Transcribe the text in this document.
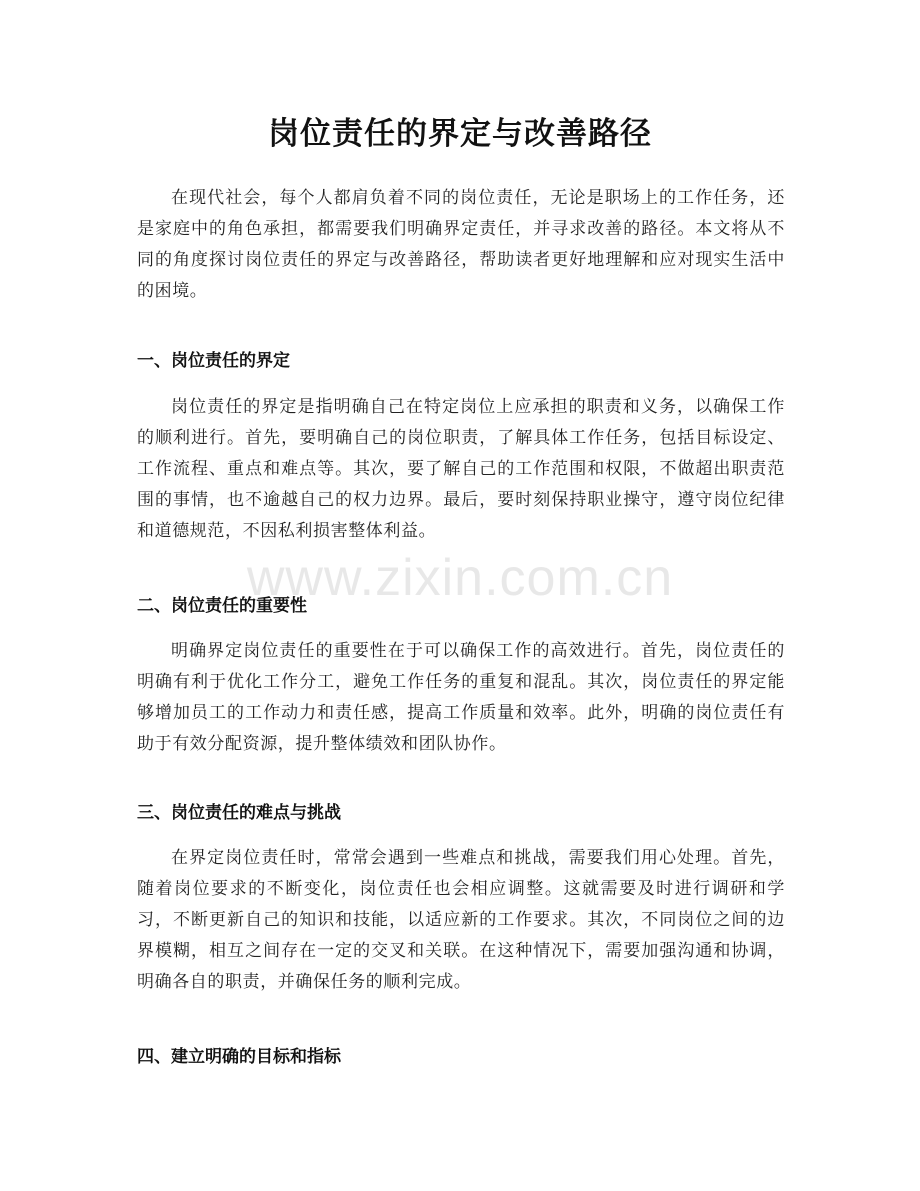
岗位责任的界定与改善路径

在现代社会，每个人都肩负着不同的岗位责任，无论是职场上的工作任务，还是家庭中的角色承担，都需要我们明确界定责任，并寻求改善的路径。本文将从不同的角度探讨岗位责任的界定与改善路径，帮助读者更好地理解和应对现实生活中的困境。

一、岗位责任的界定

岗位责任的界定是指明确自己在特定岗位上应承担的职责和义务，以确保工作的顺利进行。首先，要明确自己的岗位职责，了解具体工作任务，包括目标设定、工作流程、重点和难点等。其次，要了解自己的工作范围和权限，不做超出职责范围的事情，也不逾越自己的权力边界。最后，要时刻保持职业操守，遵守岗位纪律和道德规范，不因私利损害整体利益。

二、岗位责任的重要性

明确界定岗位责任的重要性在于可以确保工作的高效进行。首先，岗位责任的明确有利于优化工作分工，避免工作任务的重复和混乱。其次，岗位责任的界定能够增加员工的工作动力和责任感，提高工作质量和效率。此外，明确的岗位责任有助于有效分配资源，提升整体绩效和团队协作。

三、岗位责任的难点与挑战

在界定岗位责任时，常常会遇到一些难点和挑战，需要我们用心处理。首先，随着岗位要求的不断变化，岗位责任也会相应调整。这就需要及时进行调研和学习，不断更新自己的知识和技能，以适应新的工作要求。其次，不同岗位之间的边界模糊，相互之间存在一定的交叉和关联。在这种情况下，需要加强沟通和协调，明确各自的职责，并确保任务的顺利完成。

四、建立明确的目标和指标
www.zixin.com.cn
